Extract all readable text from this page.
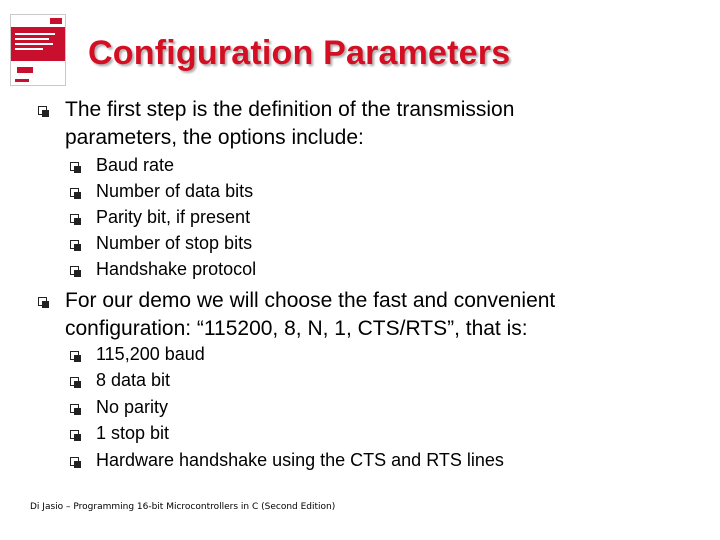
Configuration Parameters
The first step is the definition of the transmission
parameters, the options include:
Baud rate
Number of data bits
Parity bit, if present
Number of stop bits
Handshake protocol
For our demo we will choose the fast and convenient
configuration: “115200, 8, N, 1, CTS/RTS”, that is:
115,200 baud
8 data bit
No parity
1 stop bit
Hardware handshake using the CTS and RTS lines
Di Jasio – Programming 16-bit Microcontrollers in C (Second Edition)
